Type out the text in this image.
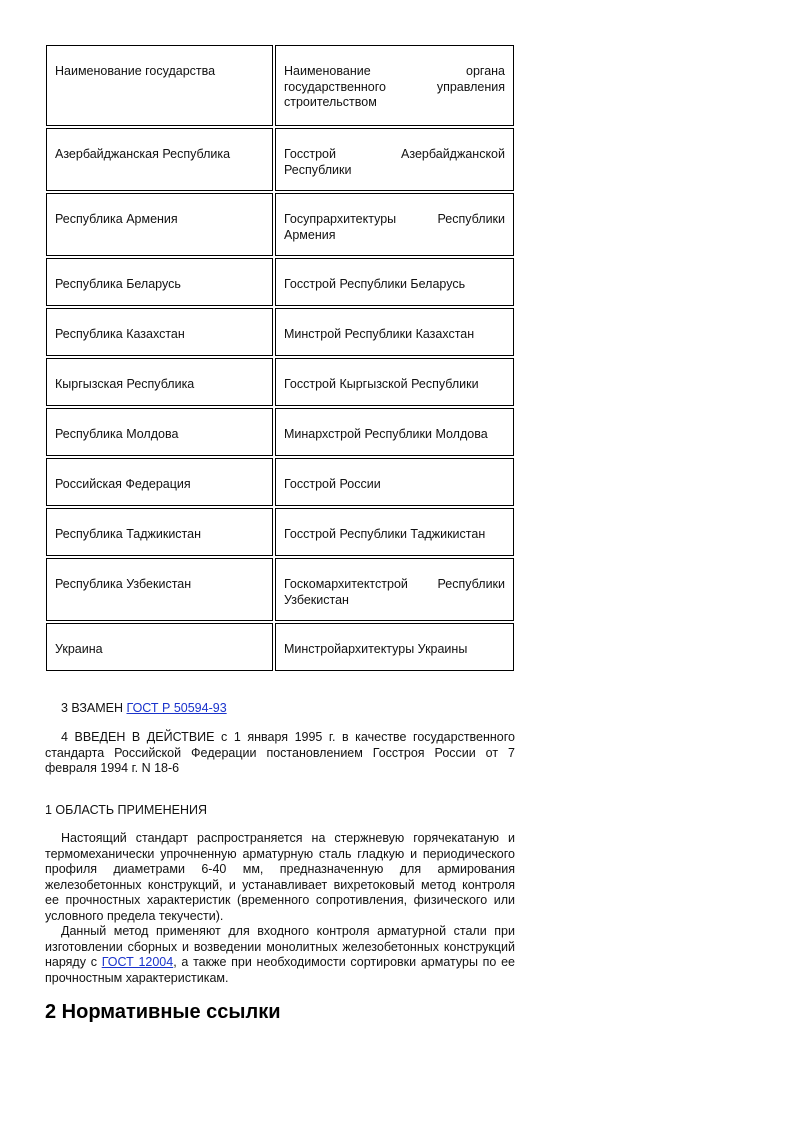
Наименование государства	Наименование органа государственного управления строительством
Азербайджанская Республика	Госстрой Азербайджанской Республики
Республика Армения	Госупрархитектуры Республики Армения
Республика Беларусь	Госстрой Республики Беларусь
Республика Казахстан	Минстрой Республики Казахстан
Кыргызская Республика	Госстрой Кыргызской Республики
Республика Молдова	Минархстрой Республики Молдова
Российская Федерация	Госстрой России
Республика Таджикистан	Госстрой Республики Таджикистан
Республика Узбекистан	Госкомархитектстрой Республики Узбекистан
Украина	Минстройархитектуры Украины
3 ВЗАМЕН ГОСТ Р 50594-93
4 ВВЕДЕН В ДЕЙСТВИЕ с 1 января 1995 г. в качестве государственного стандарта Российской Федерации постановлением Госстроя России от 7 февраля 1994 г. N 18-6
1 ОБЛАСТЬ ПРИМЕНЕНИЯ
Настоящий стандарт распространяется на стержневую горячекатаную и термомеханически упрочненную арматурную сталь гладкую и периодического профиля диаметрами 6-40 мм, предназначенную для армирования железобетонных конструкций, и устанавливает вихретоковый метод контроля ее прочностных характеристик (временного сопротивления, физического или условного предела текучести).
Данный метод применяют для входного контроля арматурной стали при изготовлении сборных и возведении монолитных железобетонных конструкций наряду с ГОСТ 12004, а также при необходимости сортировки арматуры по ее прочностным характеристикам.
2 Нормативные ссылки
